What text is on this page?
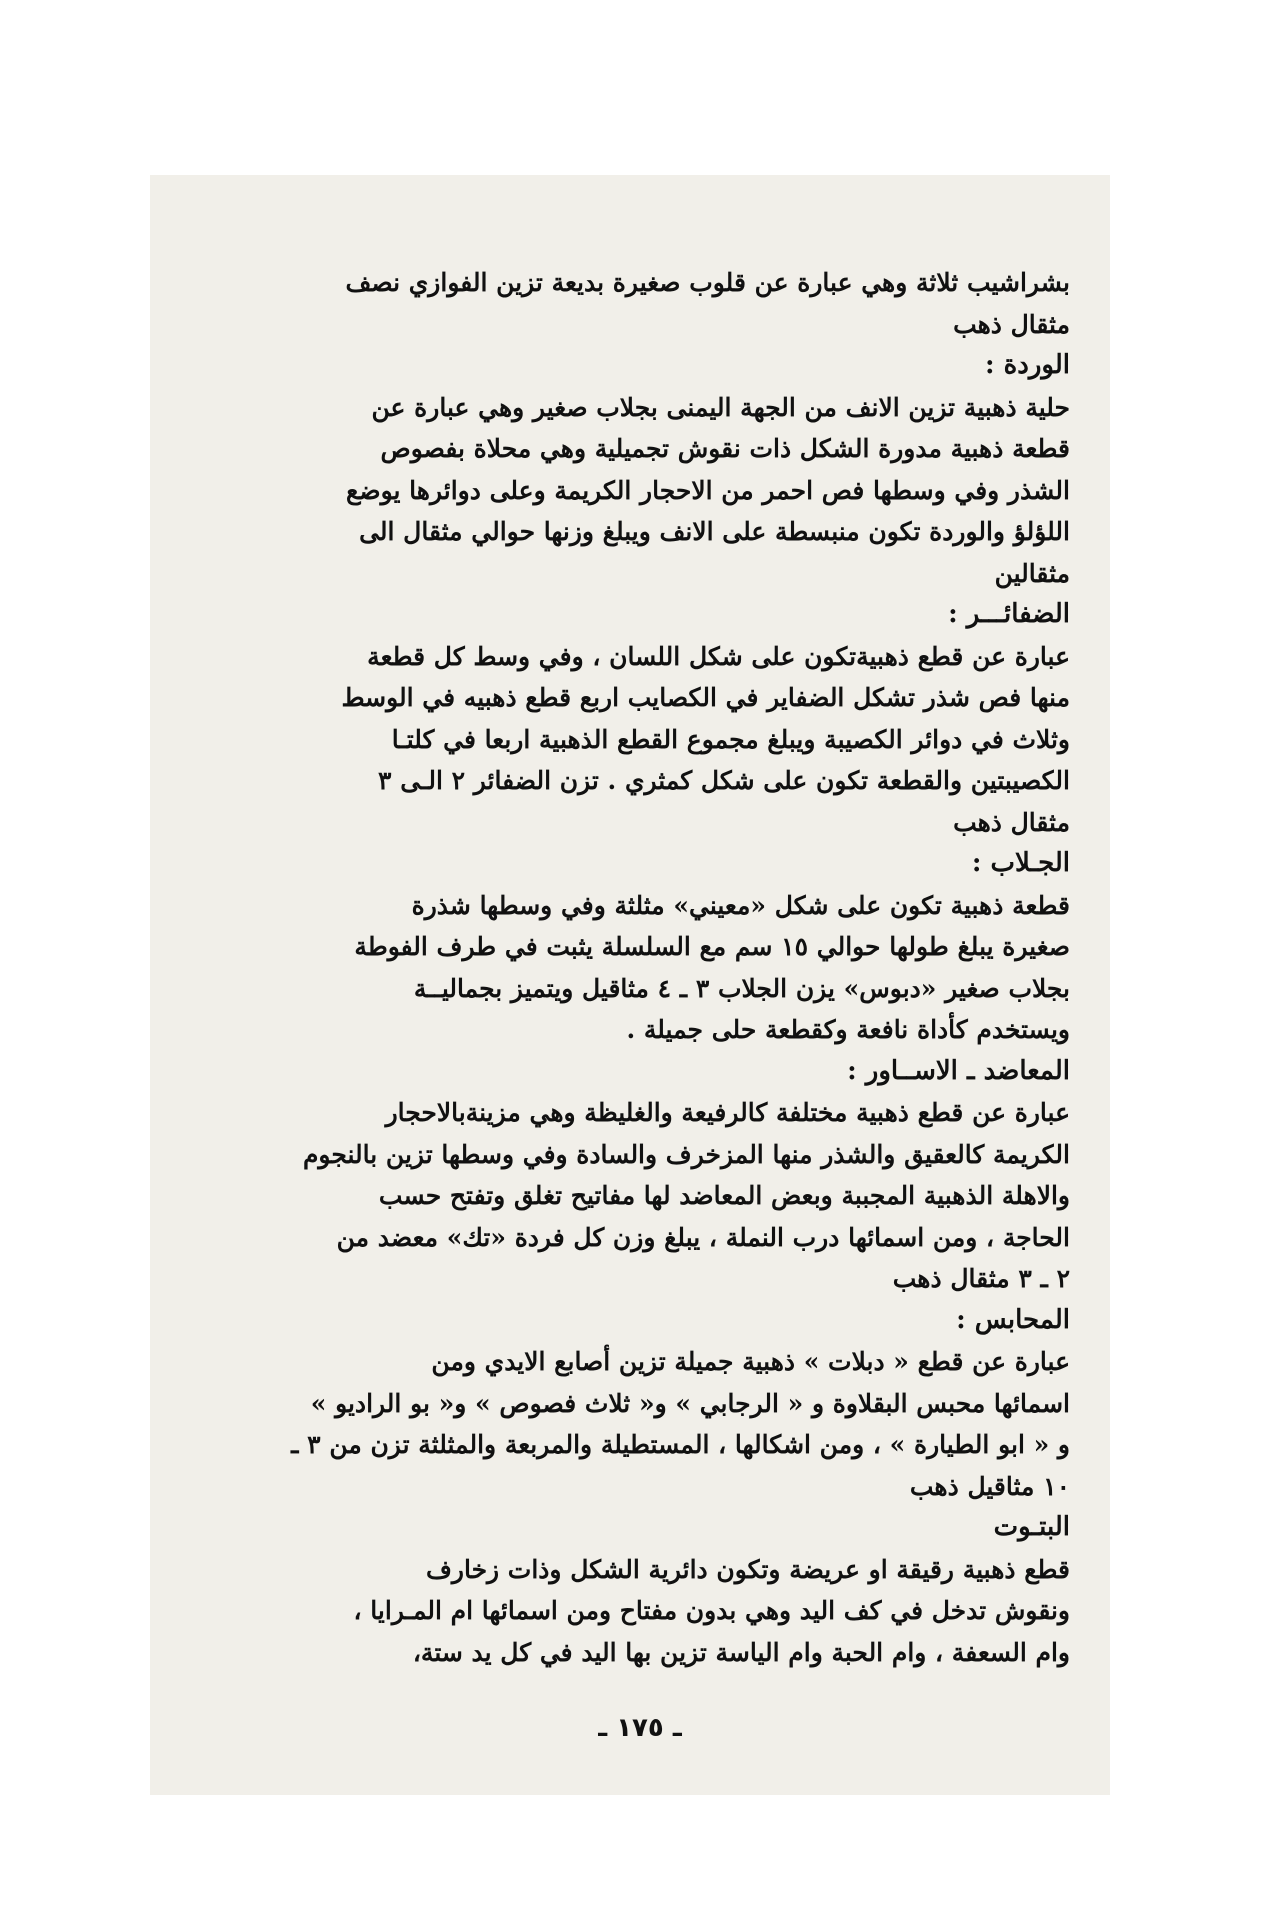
بشراشيب ثلاثة وهي عبارة عن قلوب صغيرة بديعة تزين الفوازي نصف
مثقال ذهب
الوردة :
حلية ذهبية تزين الانف من الجهة اليمنى بجلاب صغير وهي عبارة عن
قطعة ذهبية مدورة الشكل ذات نقوش تجميلية وهي محلاة بفصوص
الشذر وفي وسطها فص احمر من الاحجار الكريمة وعلى دوائرها يوضع
اللؤلؤ والوردة تكون منبسطة على الانف ويبلغ وزنها حوالي مثقال الى
مثقالين
الضفائـــر :
عبارة عن قطع ذهبيةتكون على شكل اللسان ، وفي وسط كل قطعة
منها فص شذر تشكل الضفاير في الكصايب اربع قطع ذهبيه في الوسط
وثلاث في دوائر الكصيبة ويبلغ مجموع القطع الذهبية اربعا في كلتـا
الكصيبتين والقطعة تكون على شكل كمثري . تزن الضفائر ٢ الـى ٣
مثقال ذهب
الجـلاب :
قطعة ذهبية تكون على شكل «معيني» مثلثة وفي وسطها شذرة
صغيرة يبلغ طولها حوالي ١٥ سم مع السلسلة يثبت في طرف الفوطة
بجلاب صغير «دبوس» يزن الجلاب ٣ ـ ٤ مثاقيل ويتميز بجماليــة
ويستخدم كأداة نافعة وكقطعة حلى جميلة .
المعاضد ـ الاســاور :
عبارة عن قطع ذهبية مختلفة كالرفيعة والغليظة وهي مزينةبالاحجار
الكريمة كالعقيق والشذر منها المزخرف والسادة وفي وسطها تزين بالنجوم
والاهلة الذهبية المجببة وبعض المعاضد لها مفاتيح تغلق وتفتح حسب
الحاجة ، ومن اسمائها درب النملة ، يبلغ وزن كل فردة «تك» معضد من
٢ ـ ٣ مثقال ذهب
المحابس :
عبارة عن قطع « دبلات » ذهبية جميلة تزين أصابع الايدي ومن
اسمائها محبس البقلاوة و « الرجابي » و« ثلاث فصوص » و« بو الراديو »
و « ابو الطيارة » ، ومن اشكالها ، المستطيلة والمربعة والمثلثة تزن من ٣ ـ
١٠ مثاقيل ذهب
البتـوت
قطع ذهبية رقيقة او عريضة وتكون دائرية الشكل وذات زخارف
ونقوش تدخل في كف اليد وهي بدون مفتاح ومن اسمائها ام المـرايا ،
وام السعفة ، وام الحبة وام الياسة تزين بها اليد في كل يد ستة،
ـ ١٧٥ ـ
